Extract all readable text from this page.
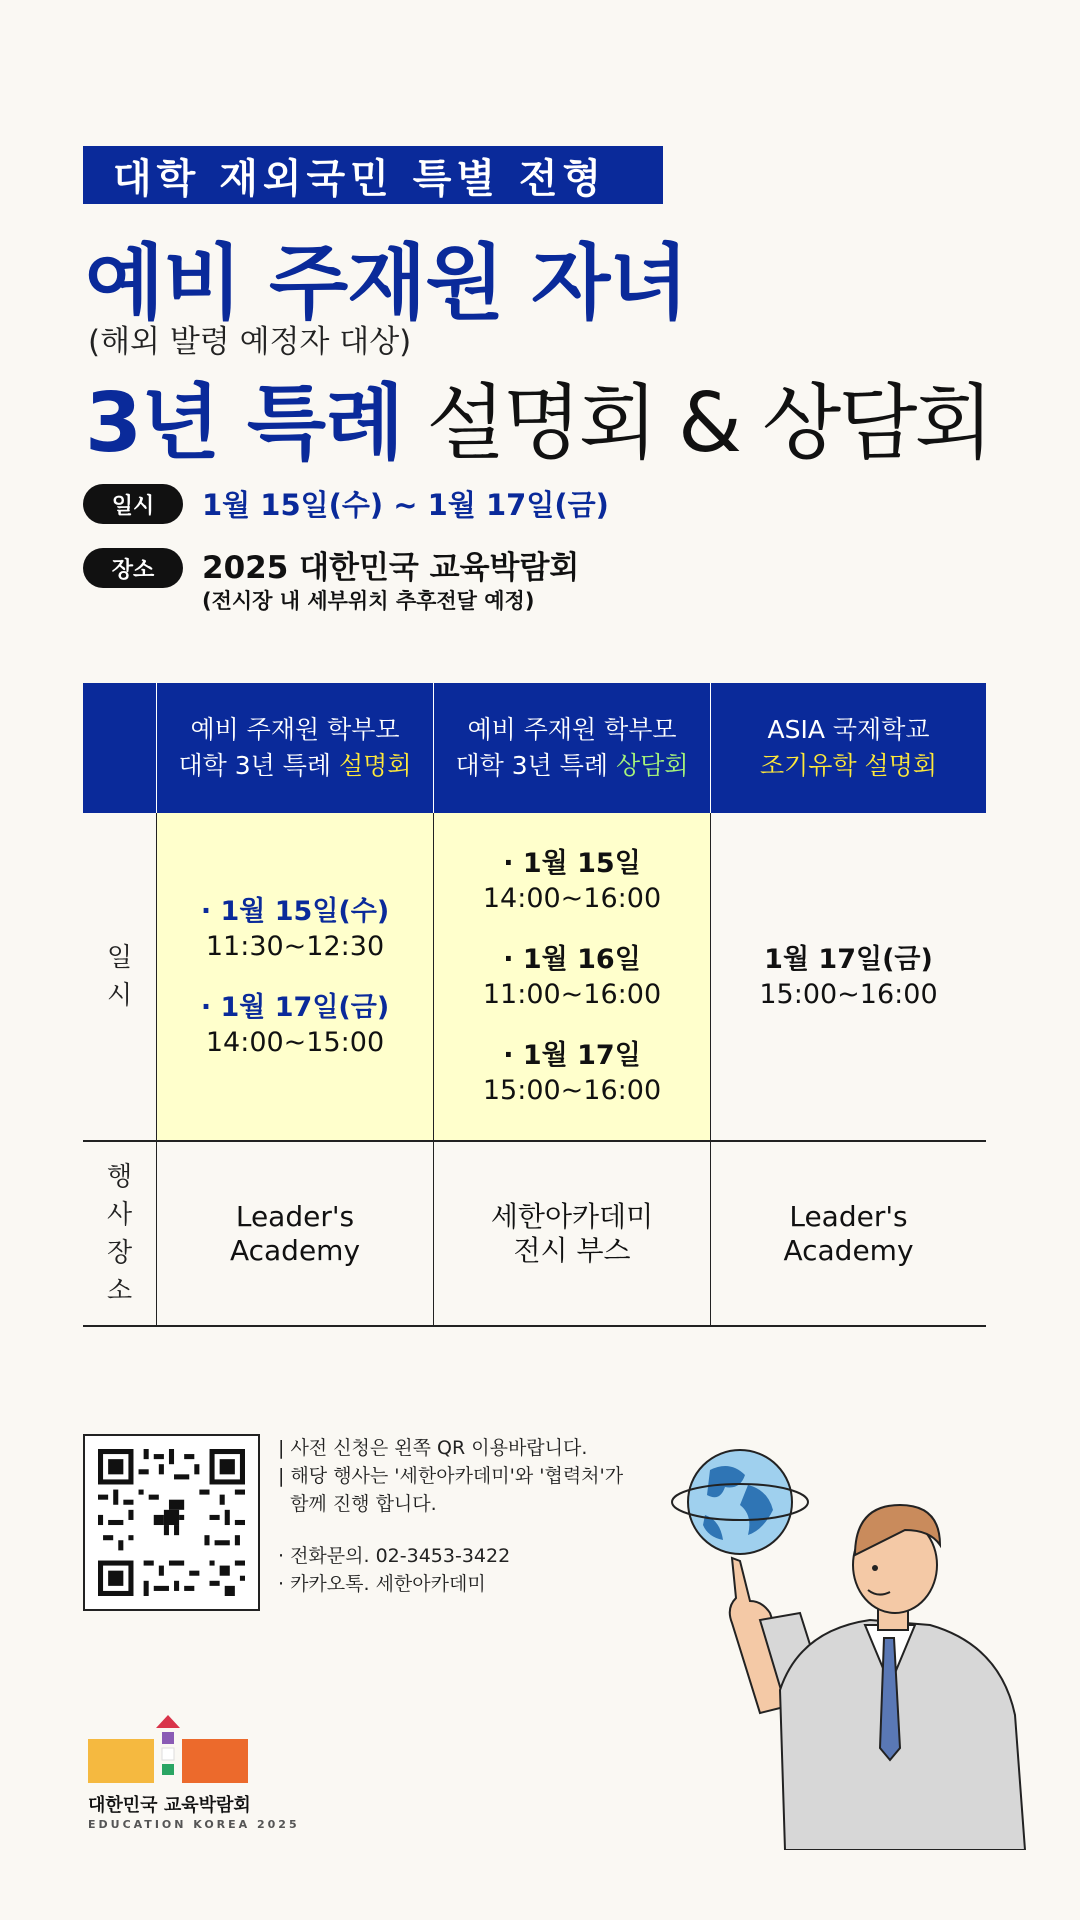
대학 재외국민 특별 전형
예비 주재원 자녀
(해외 발령 예정자 대상)
3년 특례 설명회 & 상담회
일시	1월 15일(수) ~ 1월 17일(금)
장소	2025 대한민국 교육박람회
(전시장 내 세부위치 추후전달 예정)
예비 주재원 학부모
대학 3년 특례 설명회
예비 주재원 학부모
대학 3년 특례 상담회
ASIA 국제학교
조기유학 설명회
일
시
· 1월 15일(수)
11:30~12:30
· 1월 17일(금)
14:00~15:00
· 1월 15일
14:00~16:00
· 1월 16일
11:00~16:00
· 1월 17일
15:00~16:00
1월 17일(금)
15:00~16:00
행
사
장
소
Leader's
Academy
세한아카데미
전시 부스
Leader's
Academy
| 사전 신청은 왼쪽 QR 이용바랍니다.
| 해당 행사는 '세한아카데미'와 '협력처'가
함께 진행 합니다.
· 전화문의. 02-3453-3422
· 카카오톡. 세한아카데미
대한민국 교육박람회
EDUCATION KOREA 2025
